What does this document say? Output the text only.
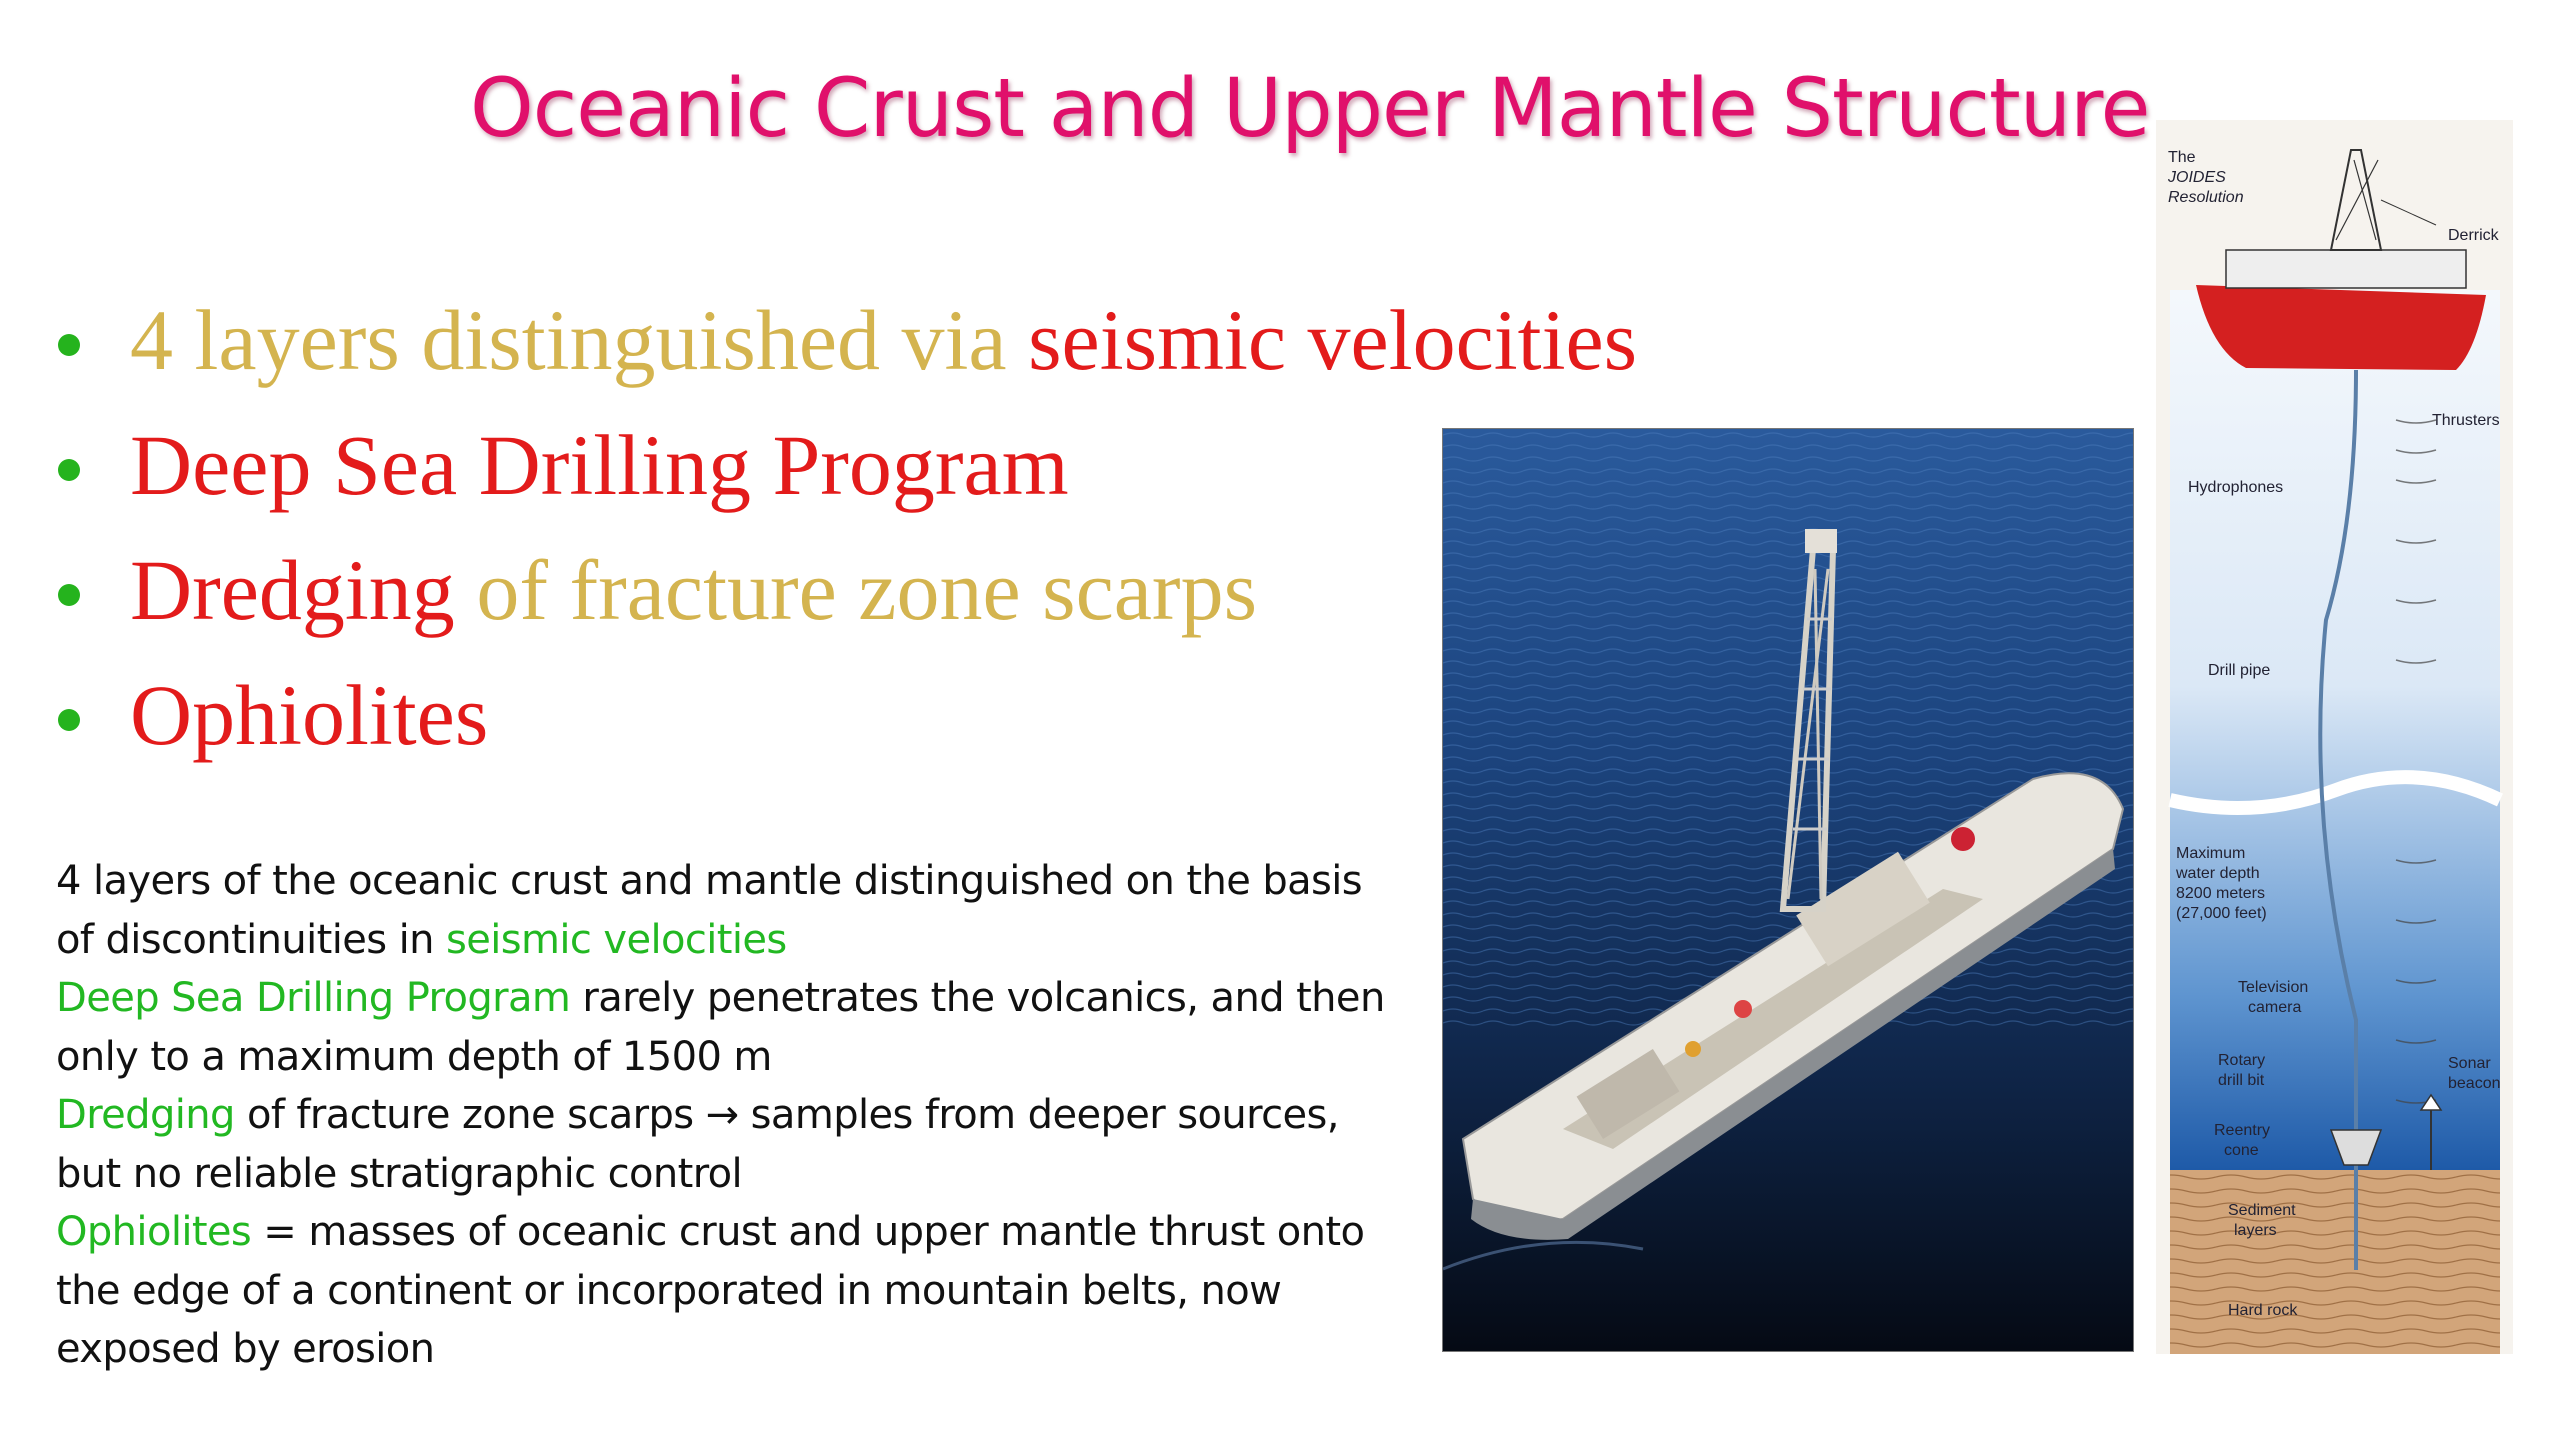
Oceanic Crust and Upper Mantle Structure
4 layers distinguished via seismic velocities
Deep Sea Drilling Program
Dredging of fracture zone scarps
Ophiolites
4 layers of the oceanic crust and mantle distinguished on the basis of discontinuities in seismic velocities
Deep Sea Drilling Program rarely penetrates the volcanics, and then only to a maximum depth of 1500 m
Dredging of fracture zone scarps → samples from deeper sources, but no reliable stratigraphic control
Ophiolites = masses of oceanic crust and upper mantle thrust onto the edge of a continent or incorporated in mountain belts, now exposed by erosion
The
JOIDES
Resolution
Derrick
Thrusters
Hydrophones
Drill pipe
Maximum
water depth
8200 meters
(27,000 feet)
Television
camera
Rotary
drill bit
Sonar
beacon
Reentry
cone
Sediment
layers
Hard rock
